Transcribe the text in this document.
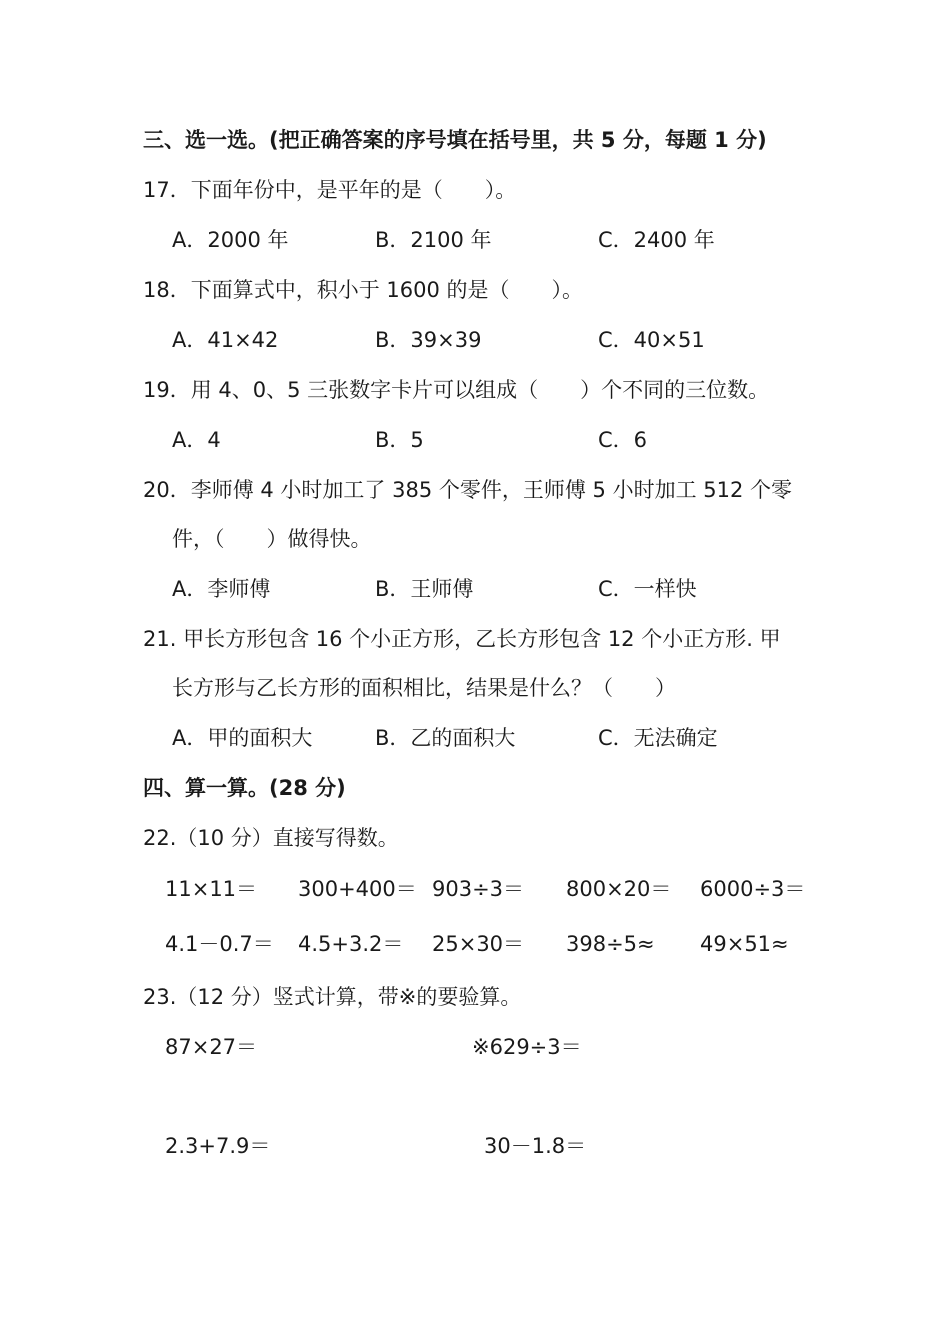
三、选一选。(把正确答案的序号填在括号里，共 5 分，每题 1 分)
17．下面年份中，是平年的是（　　）。
A．2000 年	B．2100 年	C．2400 年
18．下面算式中，积小于 1600 的是（　　）。
A．41×42	B．39×39	C．40×51
19．用 4、0、5 三张数字卡片可以组成（　　）个不同的三位数。
A．4	B．5	C．6
20．李师傅 4 小时加工了 385 个零件，王师傅 5 小时加工 512 个零
件，（　　）做得快。
A．李师傅	B．王师傅	C．一样快
21. 甲长方形包含 16 个小正方形，乙长方形包含 12 个小正方形. 甲
长方形与乙长方形的面积相比，结果是什么？（　　）
A．甲的面积大	B．乙的面积大	C．无法确定
四、算一算。(28 分)
22.（10 分）直接写得数。
11×11＝ 300+400＝ 903÷3＝ 800×20＝ 6000÷3＝
4.1－0.7＝ 4.5+3.2＝ 25×30＝ 398÷5≈ 49×51≈
23.（12 分）竖式计算，带※的要验算。
87×27＝	※629÷3＝
2.3+7.9＝	30－1.8＝
